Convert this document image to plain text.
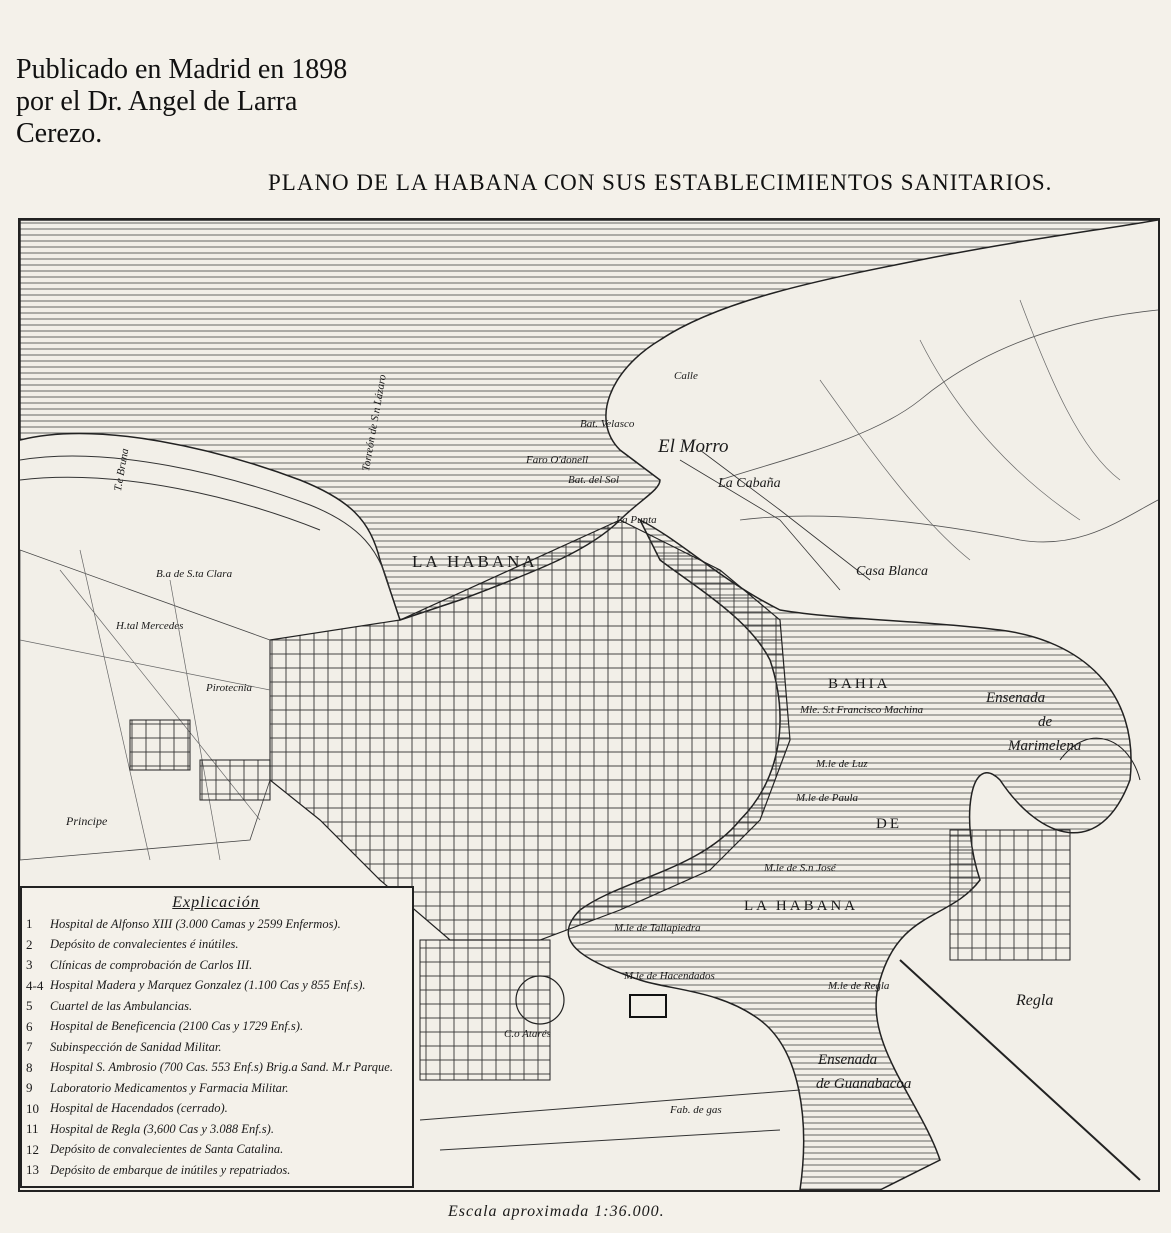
Publicado en Madrid en 1898
por el Dr. Angel de Larra
Cerezo.
PLANO DE LA HABANA CON SUS ESTABLECIMIENTOS SANITARIOS.
LA HABANA
El Morro
La Cabaña
Casa Blanca
BAHIA
DE
LA HABANA
Ensenada
de
Marimelena
Ensenada
de Guanabacoa
Regla
Faro O'donell
Bat. Velasco
Bat. del Sol
Calle
La Punta
Mle. S.t Francisco Machina
M.le de Luz
M.le de Paula
M.le de S.n José
M.le de Tallapiedra
M.le de Hacendados
M.le de Regla
C.o Atarés
Principe
Pirotecnia
H.tal Mercedes
B.a de S.ta Clara
Torreón de S.n Lázaro
T.e Bruna
Fab. de gas
Explicación
1	Hospital de Alfonso XIII (3.000 Camas y 2599 Enfermos).
2	Depósito de convalecientes é inútiles.
3	Clínicas de comprobación de Carlos III.
4-4 Hospital Madera y Marquez Gonzalez (1.100 Cas y 855 Enf.s).
5	Cuartel de las Ambulancias.
6	Hospital de Beneficencia (2100 Cas y 1729 Enf.s).
7	Subinspección de Sanidad Militar.
8	Hospital S. Ambrosio (700 Cas. 553 Enf.s) Brig.a Sand. M.r Parque.
9	Laboratorio Medicamentos y Farmacia Militar.
10 Hospital de Hacendados (cerrado).
11 Hospital de Regla (3,600 Cas y 3.088 Enf.s).
12 Depósito de convalecientes de Santa Catalina.
13 Depósito de embarque de inútiles y repatriados.
Escala aproximada 1:36.000.
